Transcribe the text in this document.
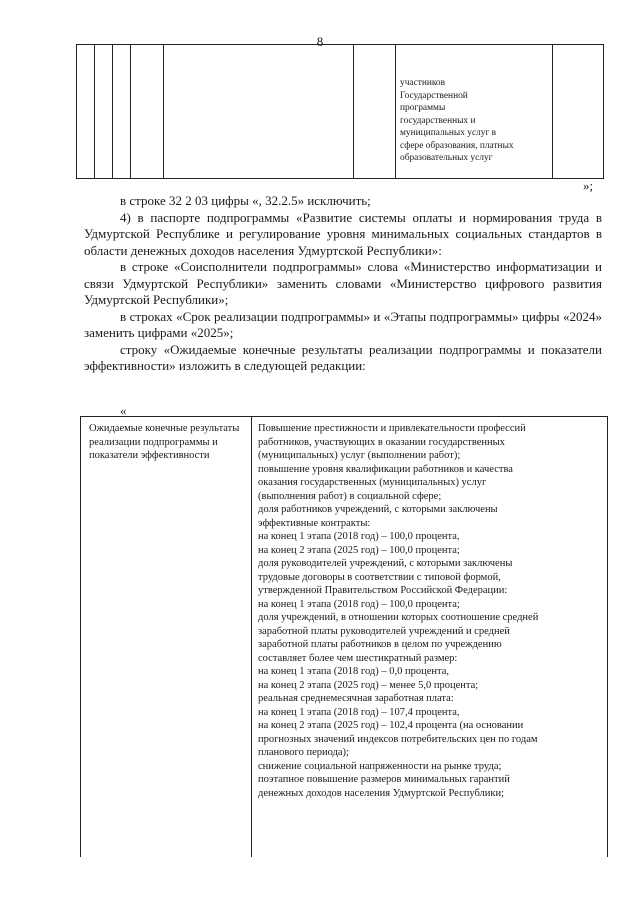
8
участников
Государственной
программы
государственных и
муниципальных услуг в
сфере образования, платных
образовательных услуг
»;

в строке 32 2 03 цифры «, 32.2.5» исключить;

4) в паспорте подпрограммы «Развитие системы оплаты и нормирования труда в Удмуртской Республике и регулирование уровня минимальных социальных стандартов в области денежных доходов населения Удмуртской Республики»:

в строке «Соисполнители подпрограммы» слова «Министерство информатизации и связи Удмуртской Республики» заменить словами «Министерство цифрового развития Удмуртской Республики»;

в строках «Срок реализации подпрограммы» и «Этапы подпрограммы» цифры «2024» заменить цифрами «2025»;

строку «Ожидаемые конечные результаты реализации подпрограммы и показатели эффективности» изложить в следующей редакции:

«
Ожидаемые конечные результаты реализации подпрограммы и показатели эффективности
Повышение престижности и привлекательности профессий
работников, участвующих в оказании государственных
(муниципальных) услуг (выполнении работ);
повышение уровня квалификации работников и качества
оказания государственных (муниципальных) услуг
(выполнения работ) в социальной сфере;
доля работников учреждений, с которыми заключены
эффективные контракты:
на конец 1 этапа (2018 год) – 100,0 процента,
на конец 2 этапа (2025 год) – 100,0 процента;
доля руководителей учреждений, с которыми заключены
трудовые договоры в соответствии с типовой формой,
утвержденной Правительством Российской Федерации:
на конец 1 этапа (2018 год) – 100,0 процента;
доля учреждений, в отношении которых соотношение средней
заработной платы руководителей учреждений и средней
заработной платы работников в целом по учреждению
составляет более чем шестикратный размер:
на конец 1 этапа (2018 год) – 0,0 процента,
на конец 2 этапа (2025 год) – менее 5,0 процента;
реальная среднемесячная заработная плата:
на конец 1 этапа (2018 год) – 107,4 процента,
на конец 2 этапа (2025 год) – 102,4 процента (на основании
прогнозных значений индексов потребительских цен по годам
планового периода);
снижение социальной напряженности на рынке труда;
поэтапное повышение размеров минимальных гарантий
денежных доходов населения Удмуртской Республики;
